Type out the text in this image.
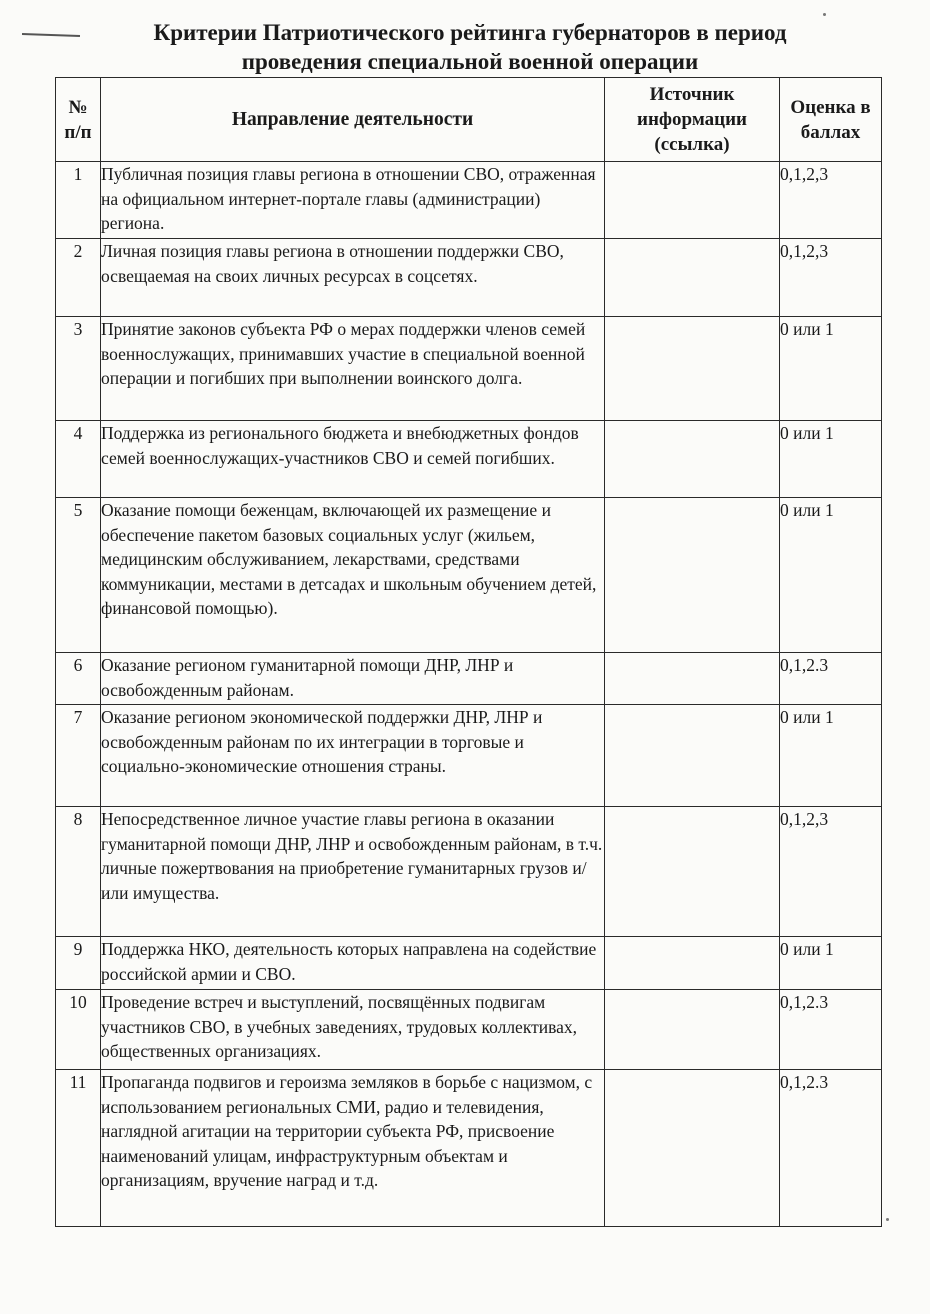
Критерии Патриотического рейтинга губернаторов в период
проведения специальной военной операции
№ п/п	Направление деятельности	Источник информации (ссылка)	Оценка в баллах
1	Публичная позиция главы региона в отношении СВО, отраженная на официальном интернет-портале главы (администрации) региона.		0,1,2,3
2	Личная позиция главы региона в отношении поддержки СВО, освещаемая на своих личных ресурсах в соцсетях.		0,1,2,3
3	Принятие законов субъекта РФ о мерах поддержки членов семей военнослужащих, принимавших участие в специальной военной операции и погибших при выполнении воинского долга.		0 или 1
4	Поддержка из регионального бюджета и внебюджетных фондов семей военнослужащих-участников СВО и семей погибших.		0 или 1
5	Оказание помощи беженцам, включающей их размещение и обеспечение пакетом базовых социальных услуг (жильем, медицинским обслуживанием, лекарствами, средствами коммуникации, местами в детсадах и школьным обучением детей, финансовой помощью).		0 или 1
6	Оказание регионом гуманитарной помощи ДНР, ЛНР и освобожденным районам.		0,1,2.3
7	Оказание регионом экономической поддержки ДНР, ЛНР и освобожденным районам по их интеграции в торговые и социально-экономические отношения страны.		0 или 1
8	Непосредственное личное участие главы региона в оказании гуманитарной помощи ДНР, ЛНР и освобожденным районам, в т.ч. личные пожертвования на приобретение гуманитарных грузов и/или имущества.		0,1,2,3
9	Поддержка НКО, деятельность которых направлена на содействие российской армии и СВО.		0 или 1
10	Проведение встреч и выступлений, посвящённых подвигам участников СВО, в учебных заведениях, трудовых коллективах, общественных организациях.		0,1,2.3
11	Пропаганда подвигов и героизма земляков в борьбе с нацизмом, с использованием региональных СМИ, радио и телевидения, наглядной агитации на территории субъекта РФ, присвоение наименований улицам, инфраструктурным объектам и организациям, вручение наград и т.д.		0,1,2.3
